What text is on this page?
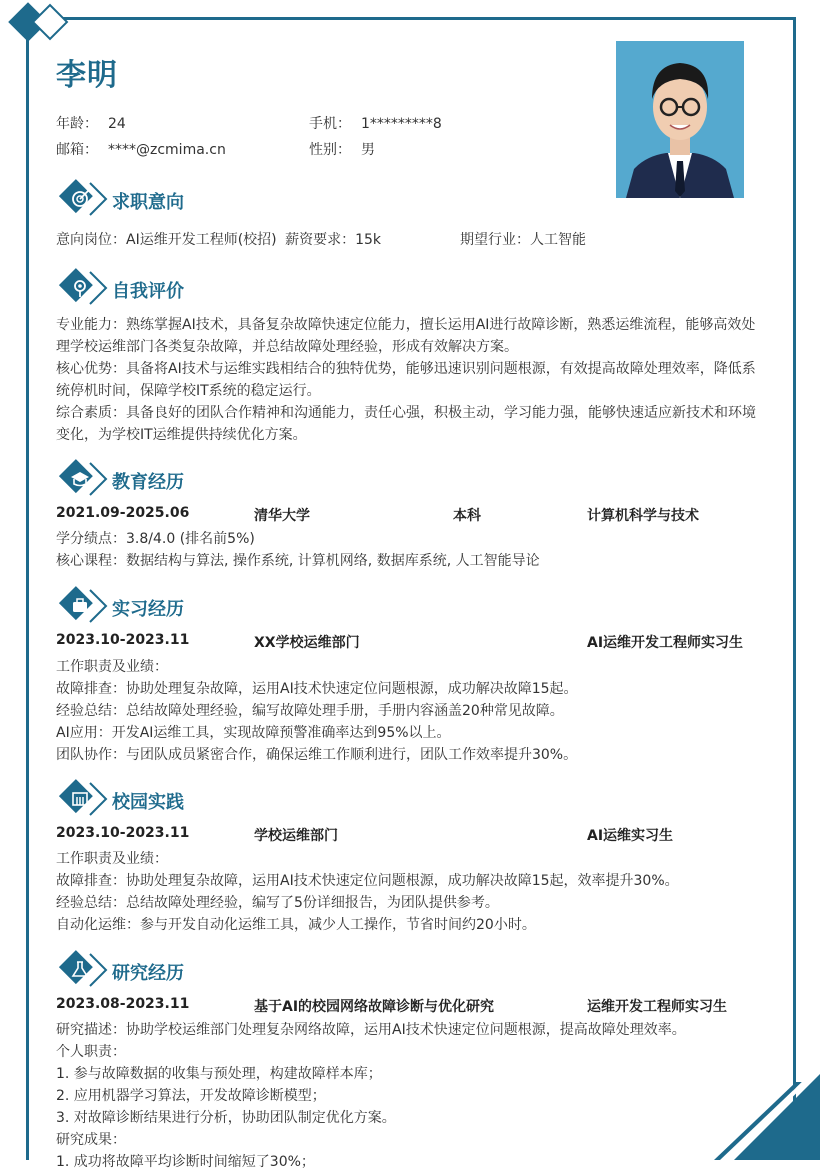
李明
年龄： 24	手机： 1*********8
邮箱： ****@zcmima.cn	性别： 男
求职意向
意向岗位：AI运维开发工程师(校招) 薪资要求：15k	期望行业：人工智能
自我评价
专业能力：熟练掌握AI技术，具备复杂故障快速定位能力，擅长运用AI进行故障诊断，熟悉运维流程，能够高效处理学校运维部门各类复杂故障，并总结故障处理经验，形成有效解决方案。
核心优势：具备将AI技术与运维实践相结合的独特优势，能够迅速识别问题根源，有效提高故障处理效率，降低系统停机时间，保障学校IT系统的稳定运行。
综合素质：具备良好的团队合作精神和沟通能力，责任心强，积极主动，学习能力强，能够快速适应新技术和环境变化，为学校IT运维提供持续优化方案。
教育经历
2021.09-2025.06	清华大学	本科	计算机科学与技术
学分绩点：3.8/4.0 (排名前5%)
核心课程：数据结构与算法, 操作系统, 计算机网络, 数据库系统, 人工智能导论
实习经历
2023.10-2023.11	XX学校运维部门	AI运维开发工程师实习生
工作职责及业绩：
故障排查：协助处理复杂故障，运用AI技术快速定位问题根源，成功解决故障15起。
经验总结：总结故障处理经验，编写故障处理手册，手册内容涵盖20种常见故障。
AI应用：开发AI运维工具，实现故障预警准确率达到95%以上。
团队协作：与团队成员紧密合作，确保运维工作顺利进行，团队工作效率提升30%。
校园实践
2023.10-2023.11	学校运维部门	AI运维实习生
工作职责及业绩：
故障排查：协助处理复杂故障，运用AI技术快速定位问题根源，成功解决故障15起，效率提升30%。
经验总结：总结故障处理经验，编写了5份详细报告，为团队提供参考。
自动化运维：参与开发自动化运维工具，减少人工操作，节省时间约20小时。
研究经历
2023.08-2023.11	基于AI的校园网络故障诊断与优化研究	运维开发工程师实习生
研究描述：协助学校运维部门处理复杂网络故障，运用AI技术快速定位问题根源，提高故障处理效率。
个人职责：
1. 参与故障数据的收集与预处理，构建故障样本库；
2. 应用机器学习算法，开发故障诊断模型；
3. 对故障诊断结果进行分析，协助团队制定优化方案。
研究成果：
1. 成功将故障平均诊断时间缩短了30%；
